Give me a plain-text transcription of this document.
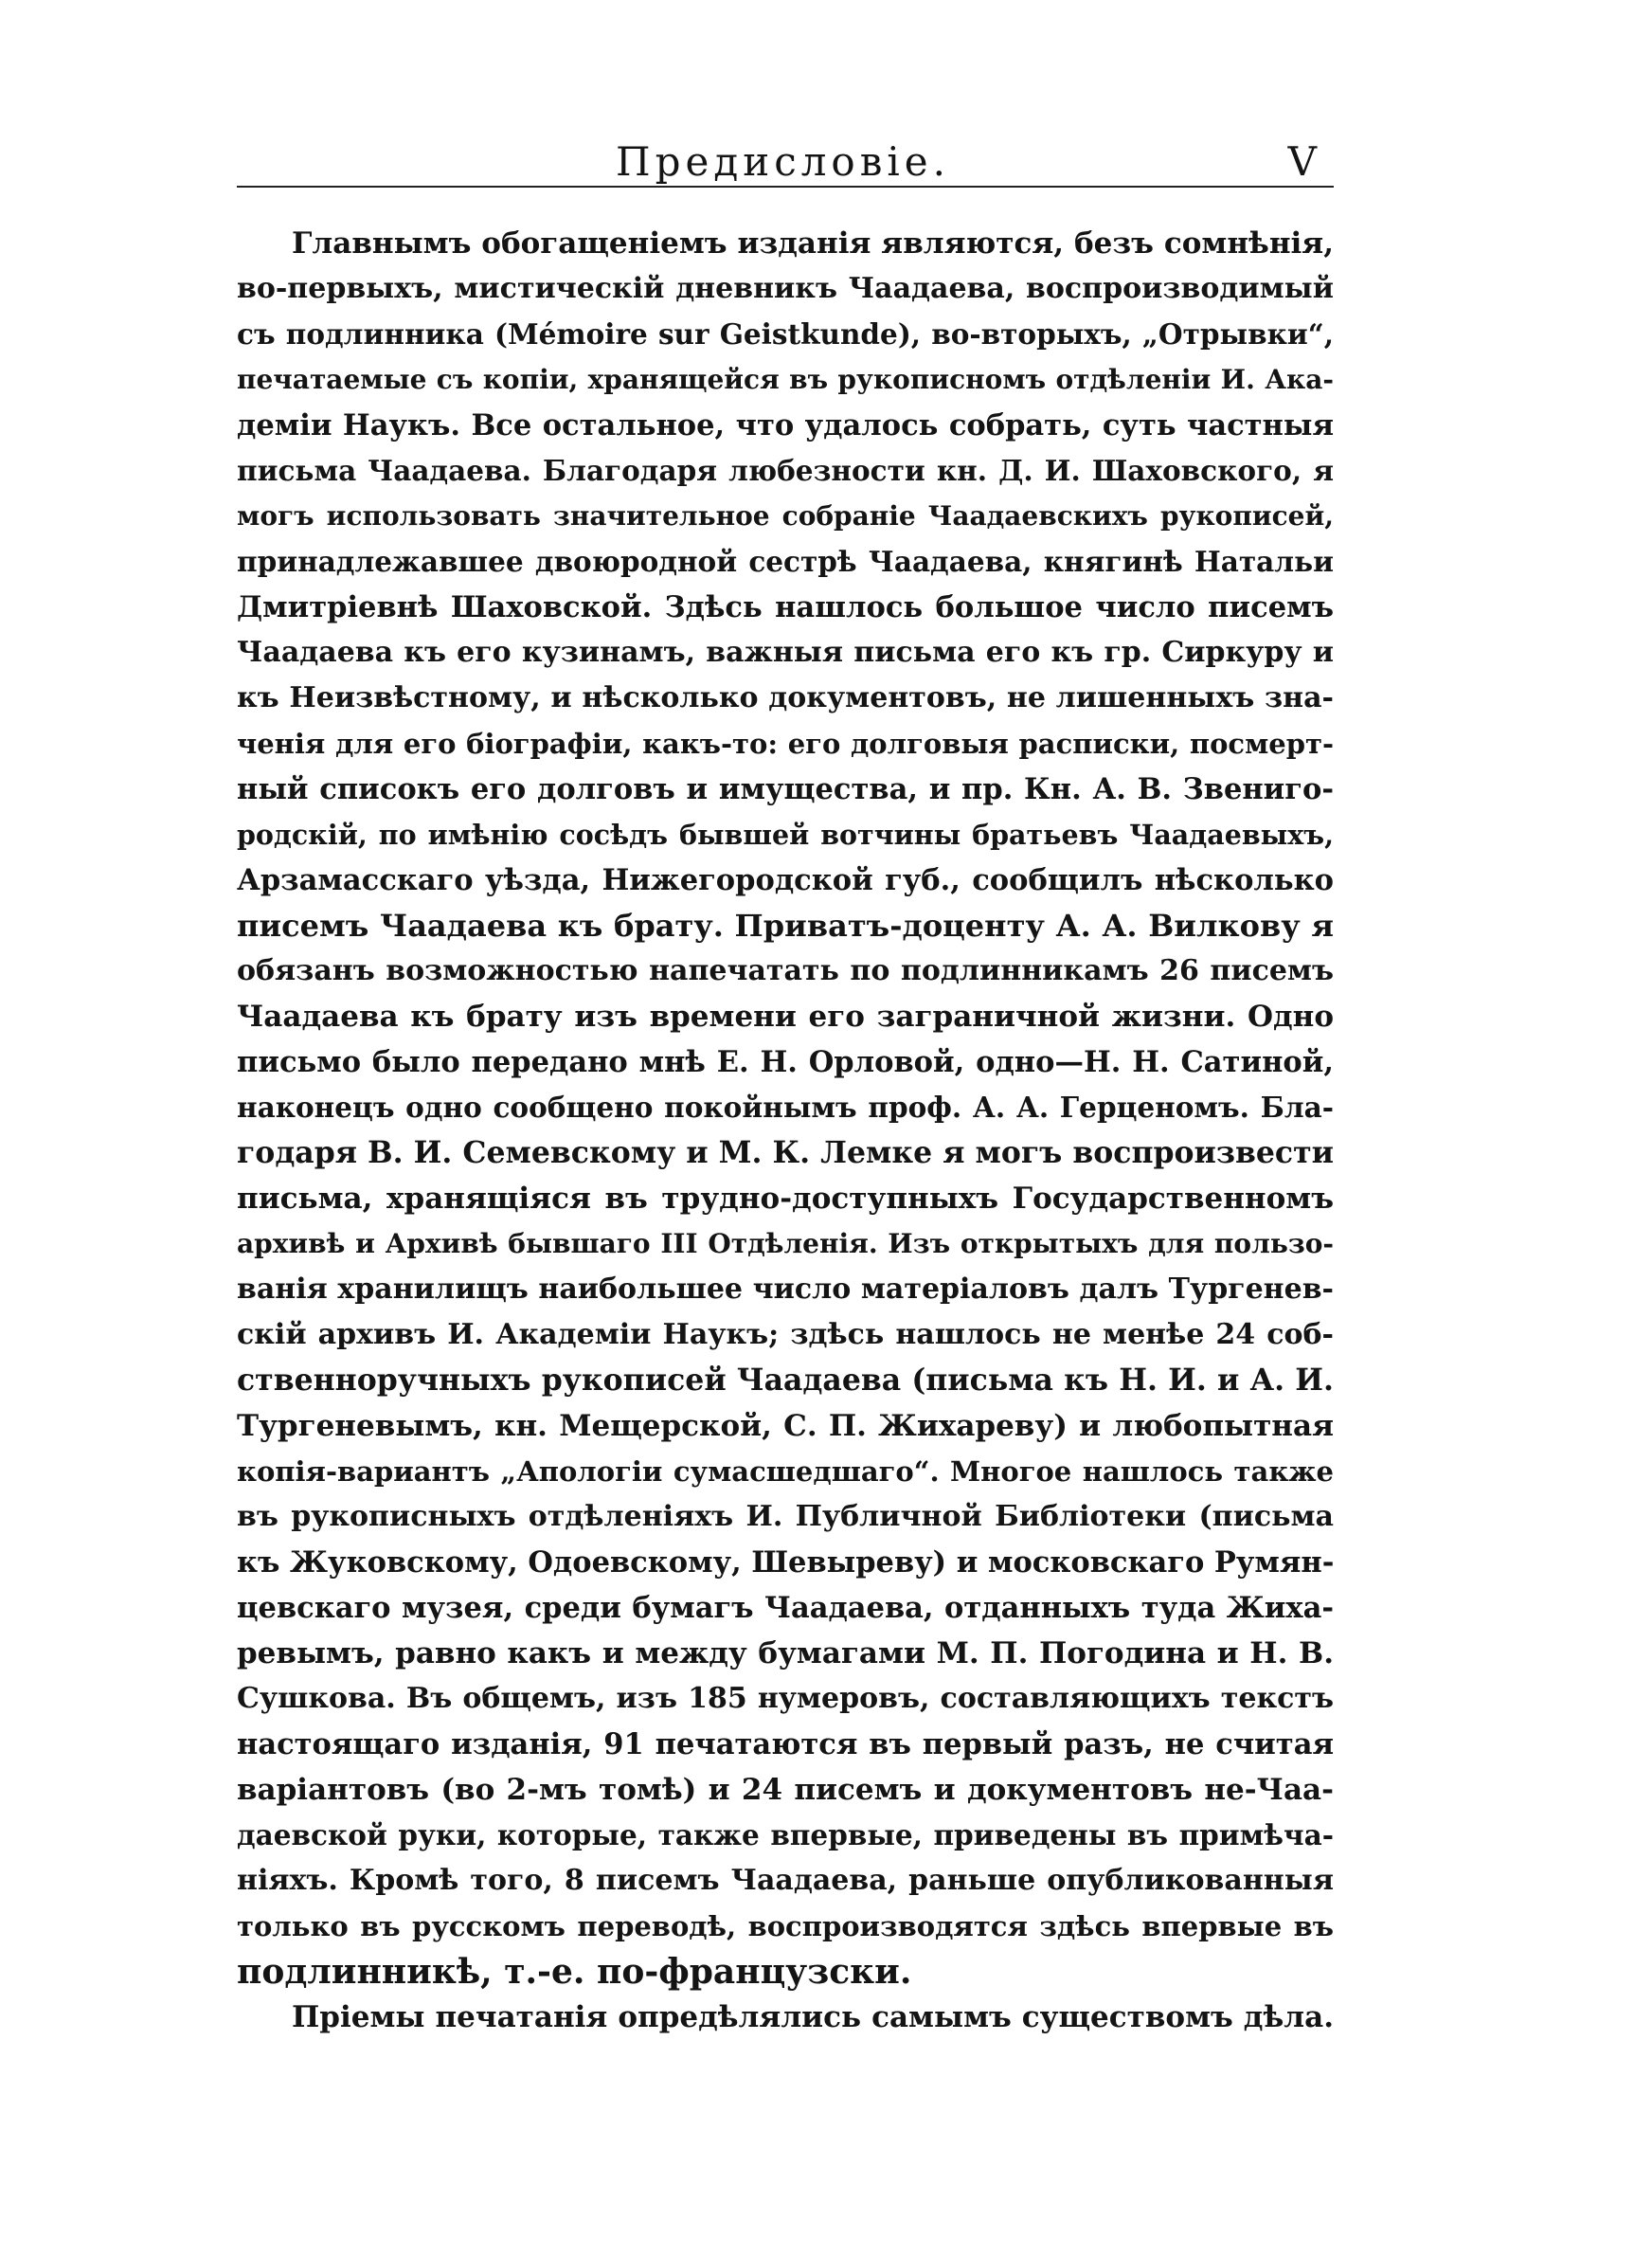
Предисловіе.	V
Главнымъ обогащеніемъ изданія являются, безъ сомнѣнія,
во-первыхъ, мистическій дневникъ Чаадаева, воспроизводимый
съ подлинника (Mémoire sur Geistkunde), во-вторыхъ, „Отрывки“,
печатаемые съ копіи, хранящейся въ рукописномъ отдѣленіи И. Ака-
деміи Наукъ. Все остальное, что удалось собрать, суть частныя
письма Чаадаева. Благодаря любезности кн. Д. И. Шаховского, я
могъ использовать значительное собраніе Чаадаевскихъ рукописей,
принадлежавшее двоюродной сестрѣ Чаадаева, княгинѣ Натальи
Дмитріевнѣ Шаховской. Здѣсь нашлось большое число писемъ
Чаадаева къ его кузинамъ, важныя письма его къ гр. Сиркуру и
къ Неизвѣстному, и нѣсколько документовъ, не лишенныхъ зна-
ченія для его біографіи, какъ-то: его долговыя расписки, посмерт-
ный списокъ его долговъ и имущества, и пр. Кн. А. В. Звениго-
родскій, по имѣнію сосѣдъ бывшей вотчины братьевъ Чаадаевыхъ,
Арзамасскаго уѣзда, Нижегородской губ., сообщилъ нѣсколько
писемъ Чаадаева къ брату. Приватъ-доценту А. А. Вилкову я
обязанъ возможностью напечатать по подлинникамъ 26 писемъ
Чаадаева къ брату изъ времени его заграничной жизни. Одно
письмо было передано мнѣ Е. Н. Орловой, одно—Н. Н. Сатиной,
наконецъ одно сообщено покойнымъ проф. А. А. Герценомъ. Бла-
годаря В. И. Семевскому и М. К. Лемке я могъ воспроизвести
письма, хранящіяся въ трудно-доступныхъ Государственномъ
архивѣ и Архивѣ бывшаго III Отдѣленія. Изъ открытыхъ для пользо-
ванія хранилищъ наибольшее число матеріаловъ далъ Тургенев-
скій архивъ И. Академіи Наукъ; здѣсь нашлось не менѣе 24 соб-
ственноручныхъ рукописей Чаадаева (письма къ Н. И. и А. И.
Тургеневымъ, кн. Мещерской, С. П. Жихареву) и любопытная
копія-вариантъ „Апологіи сумасшедшаго“. Многое нашлось также
въ рукописныхъ отдѣленіяхъ И. Публичной Библіотеки (письма
къ Жуковскому, Одоевскому, Шевыреву) и московскаго Румян-
цевскаго музея, среди бумагъ Чаадаева, отданныхъ туда Жиха-
ревымъ, равно какъ и между бумагами М. П. Погодина и Н. В.
Сушкова. Въ общемъ, изъ 185 нумеровъ, составляющихъ текстъ
настоящаго изданія, 91 печатаются въ первый разъ, не считая
варіантовъ (во 2-мъ томѣ) и 24 писемъ и документовъ не-Чаа-
даевской руки, которые, также впервые, приведены въ примѣча-
ніяхъ. Кромѣ того, 8 писемъ Чаадаева, раньше опубликованныя
только въ русскомъ переводѣ, воспроизводятся здѣсь впервые въ
подлинникѣ, т.-е. по-французски.
Пріемы печатанія опредѣлялись самымъ существомъ дѣла.
